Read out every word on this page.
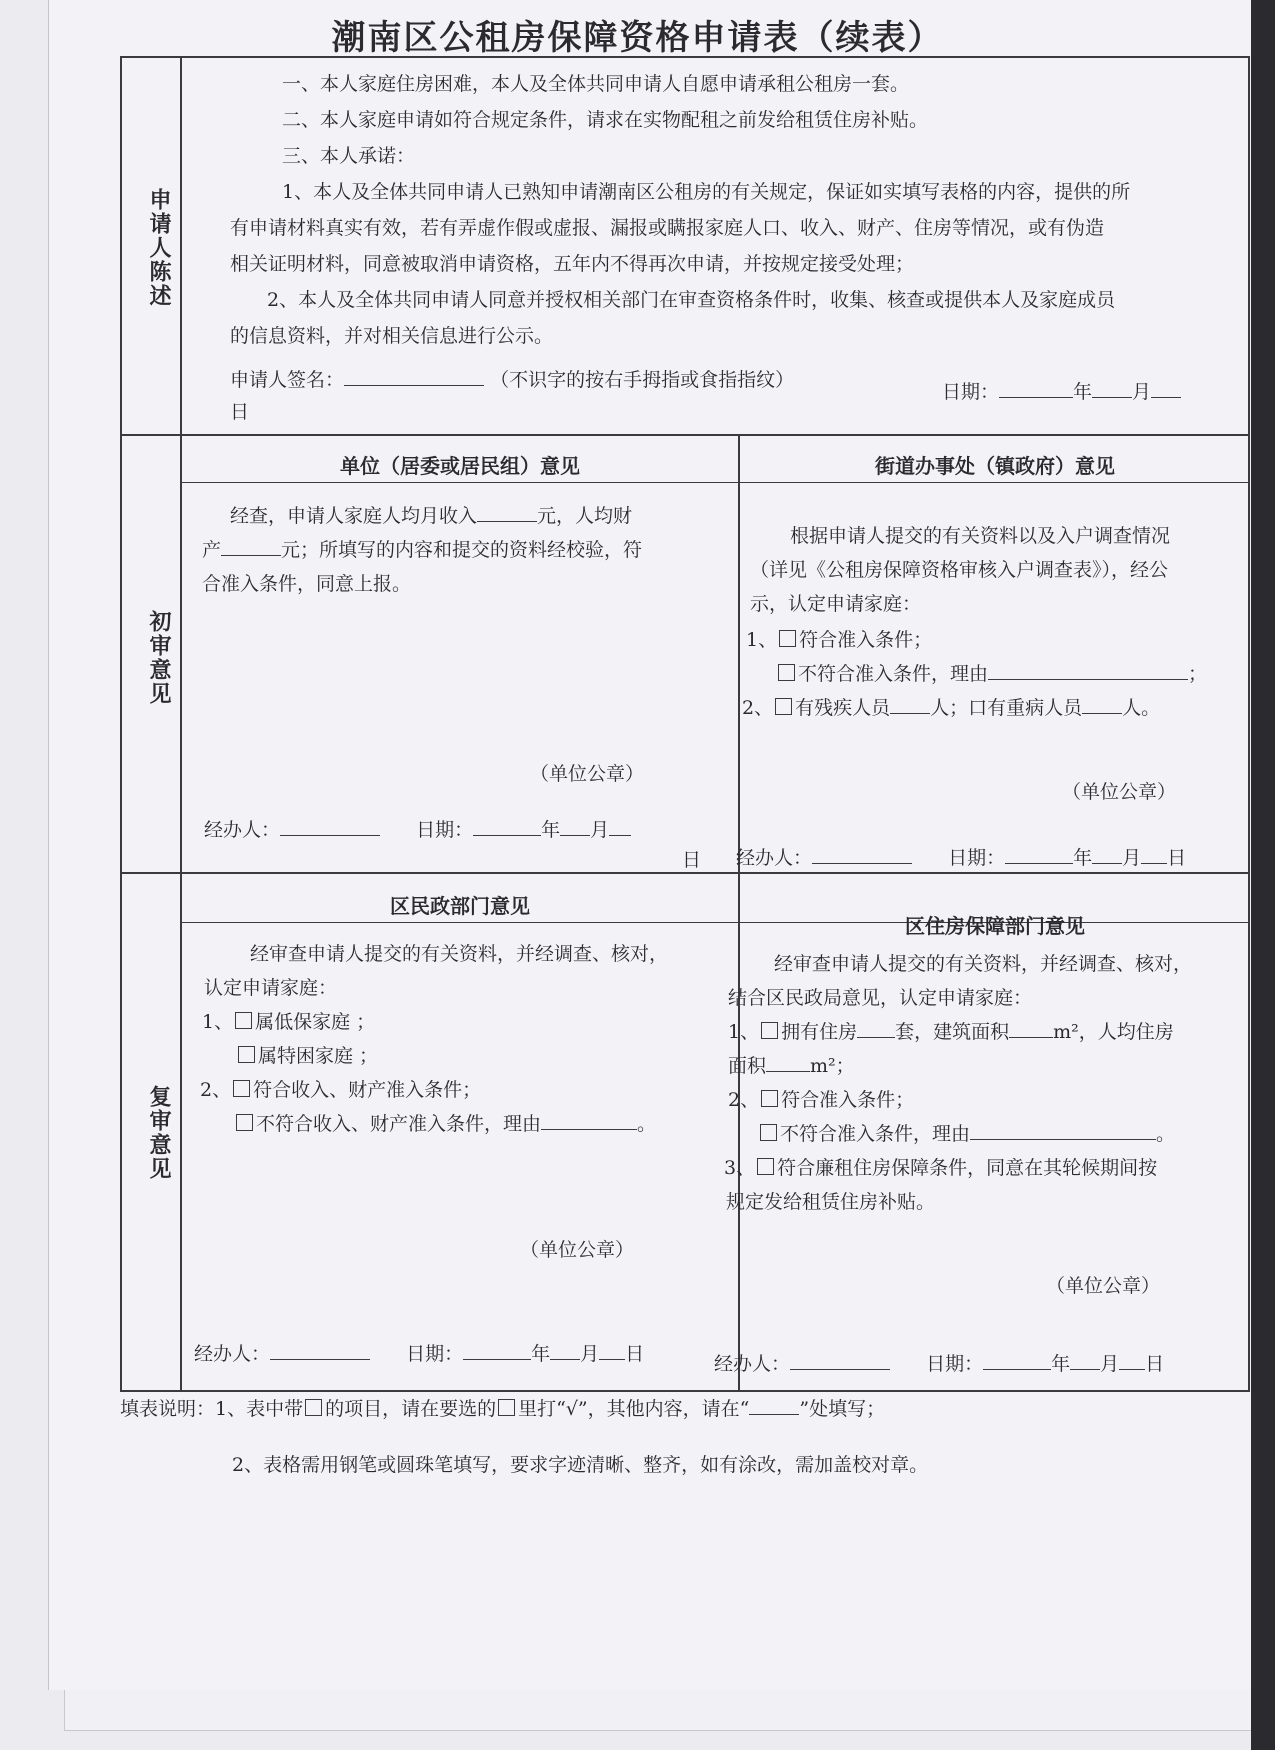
潮南区公租房保障资格申请表（续表）
申请人陈述
一、本人家庭住房困难，本人及全体共同申请人自愿申请承租公租房一套。
二、本人家庭申请如符合规定条件，请求在实物配租之前发给租赁住房补贴。
三、本人承诺：
1、本人及全体共同申请人已熟知申请潮南区公租房的有关规定，保证如实填写表格的内容，提供的所
有申请材料真实有效，若有弄虚作假或虚报、漏报或瞒报家庭人口、收入、财产、住房等情况，或有伪造
相关证明材料，同意被取消申请资格，五年内不得再次申请，并按规定接受处理；
2、本人及全体共同申请人同意并授权相关部门在审查资格条件时，收集、核查或提供本人及家庭成员
的信息资料，并对相关信息进行公示。
申请人签名：	（不识字的按右手拇指或食指指纹）
日
日期：	年 月
初审意见
单位（居委或居民组）意见	街道办事处（镇政府）意见
经查，申请人家庭人均月收入	元，人均财
产	元；所填写的内容和提交的资料经校验，符
合准入条件，同意上报。
（单位公章）
经办人：	日期：	年 月
日
根据申请人提交的有关资料以及入户调查情况
（详见《公租房保障资格审核入户调查表》），经公
示，认定申请家庭：
1、 符合准入条件；
不符合准入条件，理由	；
2、 有残疾人员 人；口有重病人员 人。
（单位公章）
经办人：	日期：	年 月 日
复审意见
区民政部门意见
区住房保障部门意见
经审查申请人提交的有关资料，并经调查、核对，
认定申请家庭：
1、 属低保家庭 ；
属特困家庭 ；
2、 符合收入、财产准入条件；
不符合收入、财产准入条件，理由	。
（单位公章）
经办人：	日期：	年 月 日
经审查申请人提交的有关资料，并经调查、核对，
结合区民政局意见，认定申请家庭：
1、 拥有住房 套，建筑面积 m²，人均住房
面积 m²；
2、 符合准入条件；
不符合准入条件，理由	。
3、 符合廉租住房保障条件，同意在其轮候期间按
规定发给租赁住房补贴。
（单位公章）
经办人：	日期：	年 月 日
填表说明：1、表中带 的项目，请在要选的 里打“√”，其他内容，请在“	”处填写；
2、表格需用钢笔或圆珠笔填写，要求字迹清晰、整齐，如有涂改，需加盖校对章。
